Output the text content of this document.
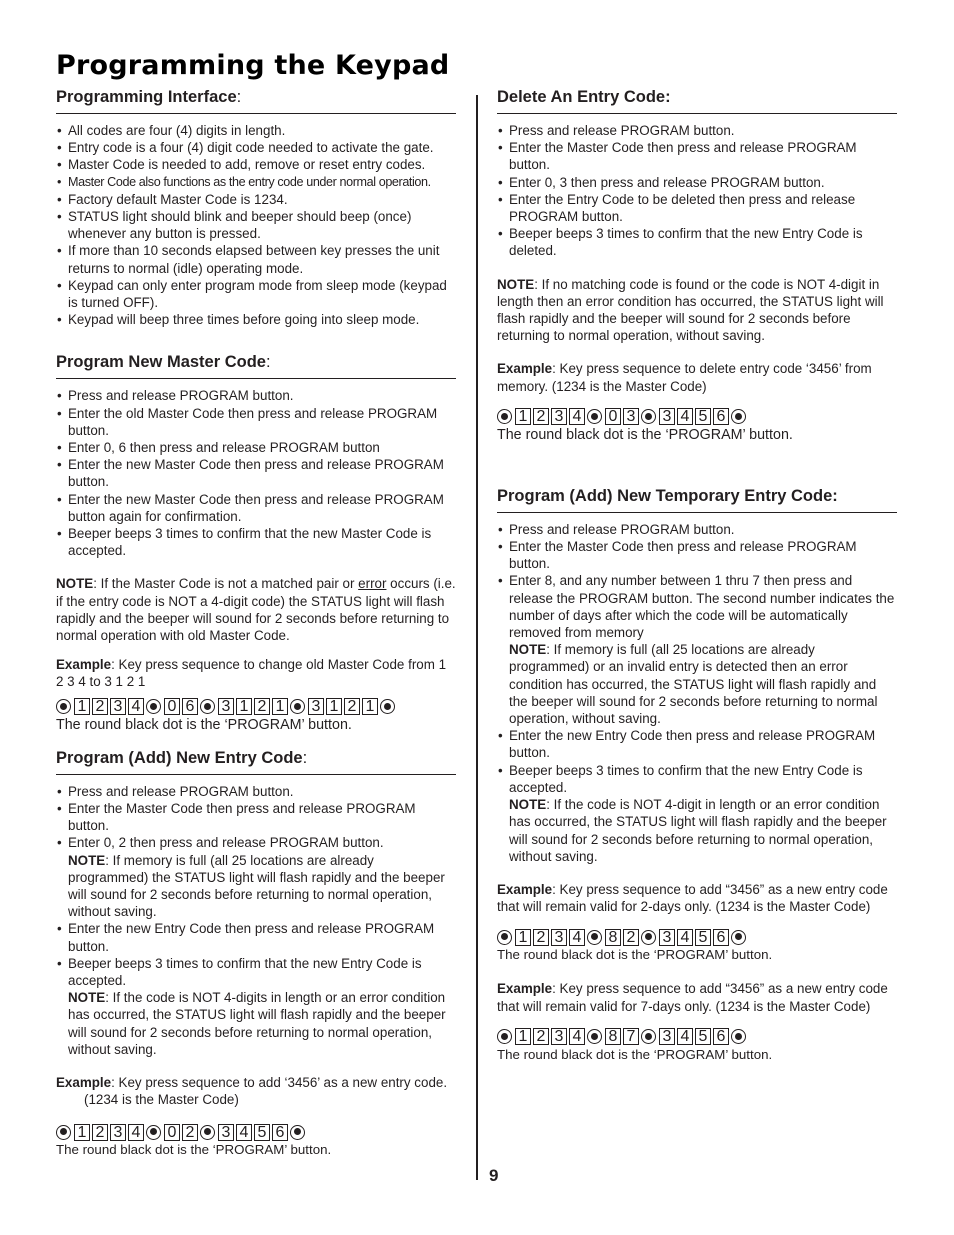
Programming the Keypad
Programming Interface:
• All codes are four (4) digits in length.
• Entry code is a four (4) digit code needed to activate the gate.
• Master Code is needed to add, remove or reset entry codes.
• Master Code also functions as the entry code under normal operation.
• Factory default Master Code is 1234.
• STATUS light should blink and beeper should beep (once) whenever any button is pressed.
• If more than 10 seconds elapsed between key presses the unit returns to normal (idle) operating mode.
• Keypad can only enter program mode from sleep mode (keypad is turned OFF).
• Keypad will beep three times before going into sleep mode.
Program New Master Code:
• Press and release PROGRAM button.
• Enter the old Master Code then press and release PROGRAM button.
• Enter 0, 6 then press and release PROGRAM button
• Enter the new Master Code then press and release PROGRAM button.
• Enter the new Master Code then press and release PROGRAM button again for confirmation.
• Beeper beeps 3 times to confirm that the new Master Code is accepted.

NOTE: If the Master Code is not a matched pair or error occurs (i.e. if the entry code is NOT a 4-digit code) the STATUS light will flash rapidly and the beeper will sound for 2 seconds before returning to normal operation with old Master Code.

Example: Key press sequence to change old Master Code from 1 2 3 4 to 3 1 2 1

1 2 3 4 0 6 3 1 2 1 3 1 2 1
The round black dot is the ‘PROGRAM’ button.
Program (Add) New Entry Code:
• Press and release PROGRAM button.
• Enter the Master Code then press and release PROGRAM button.
• Enter 0, 2 then press and release PROGRAM button.
NOTE: If memory is full (all 25 locations are already programmed) the STATUS light will flash rapidly and the beeper will sound for 2 seconds before returning to normal operation, without saving.
• Enter the new Entry Code then press and release PROGRAM button.
• Beeper beeps 3 times to confirm that the new Entry Code is accepted.
NOTE: If the code is NOT 4-digits in length or an error condition has occurred, the STATUS light will flash rapidly and the beeper will sound for 2 seconds before returning to normal operation, without saving.

Example: Key press sequence to add ‘3456’ as a new entry code. (1234 is the Master Code)

1 2 3 4 0 2 3 4 5 6
The round black dot is the ‘PROGRAM’ button.
Delete An Entry Code:
• Press and release PROGRAM button.
• Enter the Master Code then press and release PROGRAM button.
• Enter 0, 3 then press and release PROGRAM button.
• Enter the Entry Code to be deleted then press and release PROGRAM button.
• Beeper beeps 3 times to confirm that the new Entry Code is deleted.

NOTE: If no matching code is found or the code is NOT 4-digit in length then an error condition has occurred, the STATUS light will flash rapidly and the beeper will sound for 2 seconds before returning to normal operation, without saving.

Example: Key press sequence to delete entry code ‘3456’ from memory. (1234 is the Master Code)

1 2 3 4 0 3 3 4 5 6
The round black dot is the ‘PROGRAM’ button.
Program (Add) New Temporary Entry Code:
• Press and release PROGRAM button.
• Enter the Master Code then press and release PROGRAM button.
• Enter 8, and any number between 1 thru 7 then press and release the PROGRAM button. The second number indicates the number of days after which the code will be automatically removed from memory
NOTE: If memory is full (all 25 locations are already programmed) or an invalid entry is detected then an error condition has occurred, the STATUS light will flash rapidly and the beeper will sound for 2 seconds before returning to normal operation, without saving.
• Enter the new Entry Code then press and release PROGRAM button.
• Beeper beeps 3 times to confirm that the new Entry Code is accepted.
NOTE: If the code is NOT 4-digit in length or an error condition has occurred, the STATUS light will flash rapidly and the beeper will sound for 2 seconds before returning to normal operation, without saving.

Example: Key press sequence to add “3456” as a new entry code that will remain valid for 2-days only. (1234 is the Master Code)

1 2 3 4 8 2 3 4 5 6
The round black dot is the ‘PROGRAM’ button.

Example: Key press sequence to add “3456” as a new entry code that will remain valid for 7-days only. (1234 is the Master Code)

1 2 3 4 8 7 3 4 5 6
The round black dot is the ‘PROGRAM’ button.
9
